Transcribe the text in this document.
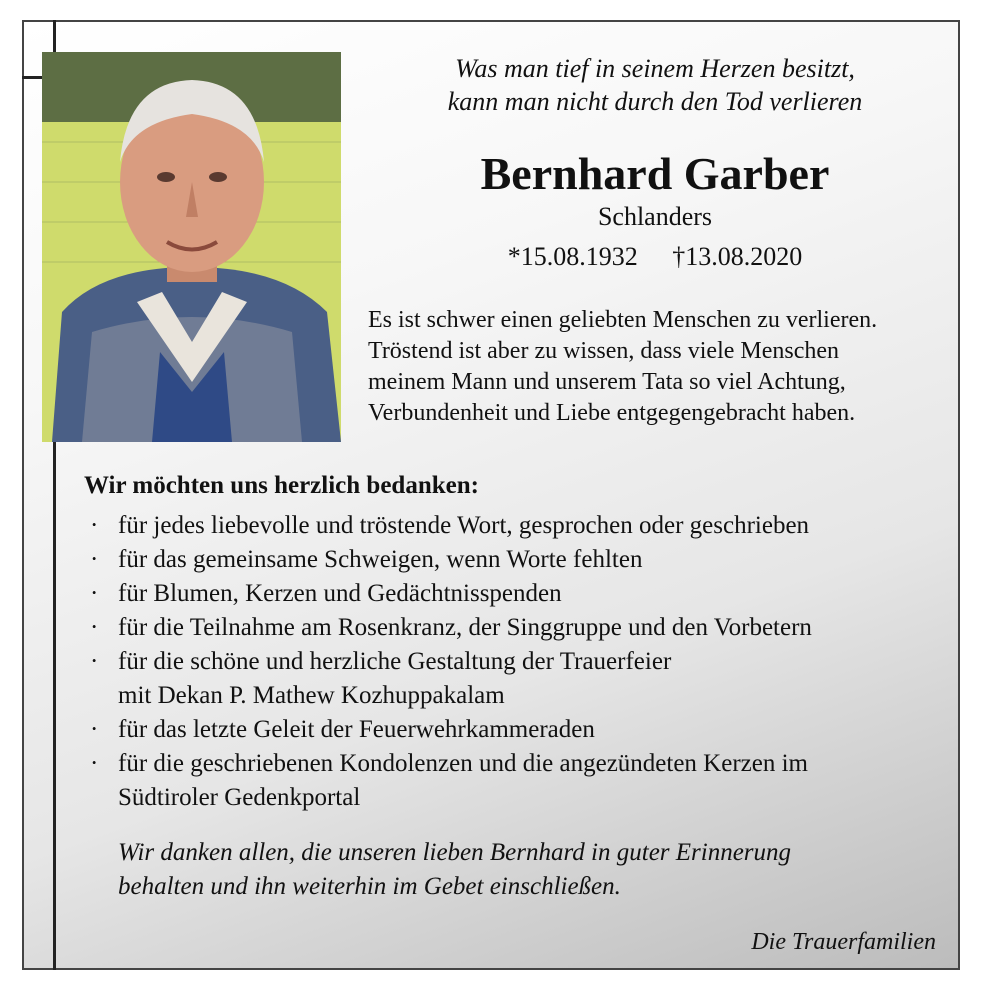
Was man tief in seinem Herzen besitzt,
kann man nicht durch den Tod verlieren
Bernhard Garber
Schlanders
*15.08.1932 †13.08.2020
Es ist schwer einen geliebten Menschen zu verlieren.
Tröstend ist aber zu wissen, dass viele Menschen
meinem Mann und unserem Tata so viel Achtung,
Verbundenheit und Liebe entgegengebracht haben.
Wir möchten uns herzlich bedanken:
· für jedes liebevolle und tröstende Wort, gesprochen oder geschrieben
· für das gemeinsame Schweigen, wenn Worte fehlten
· für Blumen, Kerzen und Gedächtnisspenden
· für die Teilnahme am Rosenkranz, der Singgruppe und den Vorbetern
· für die schöne und herzliche Gestaltung der Trauerfeier
mit Dekan P. Mathew Kozhuppakalam
· für das letzte Geleit der Feuerwehrkammeraden
· für die geschriebenen Kondolenzen und die angezündeten Kerzen im
Südtiroler Gedenkportal
Wir danken allen, die unseren lieben Bernhard in guter Erinnerung
behalten und ihn weiterhin im Gebet einschließen.
Die Trauerfamilien
